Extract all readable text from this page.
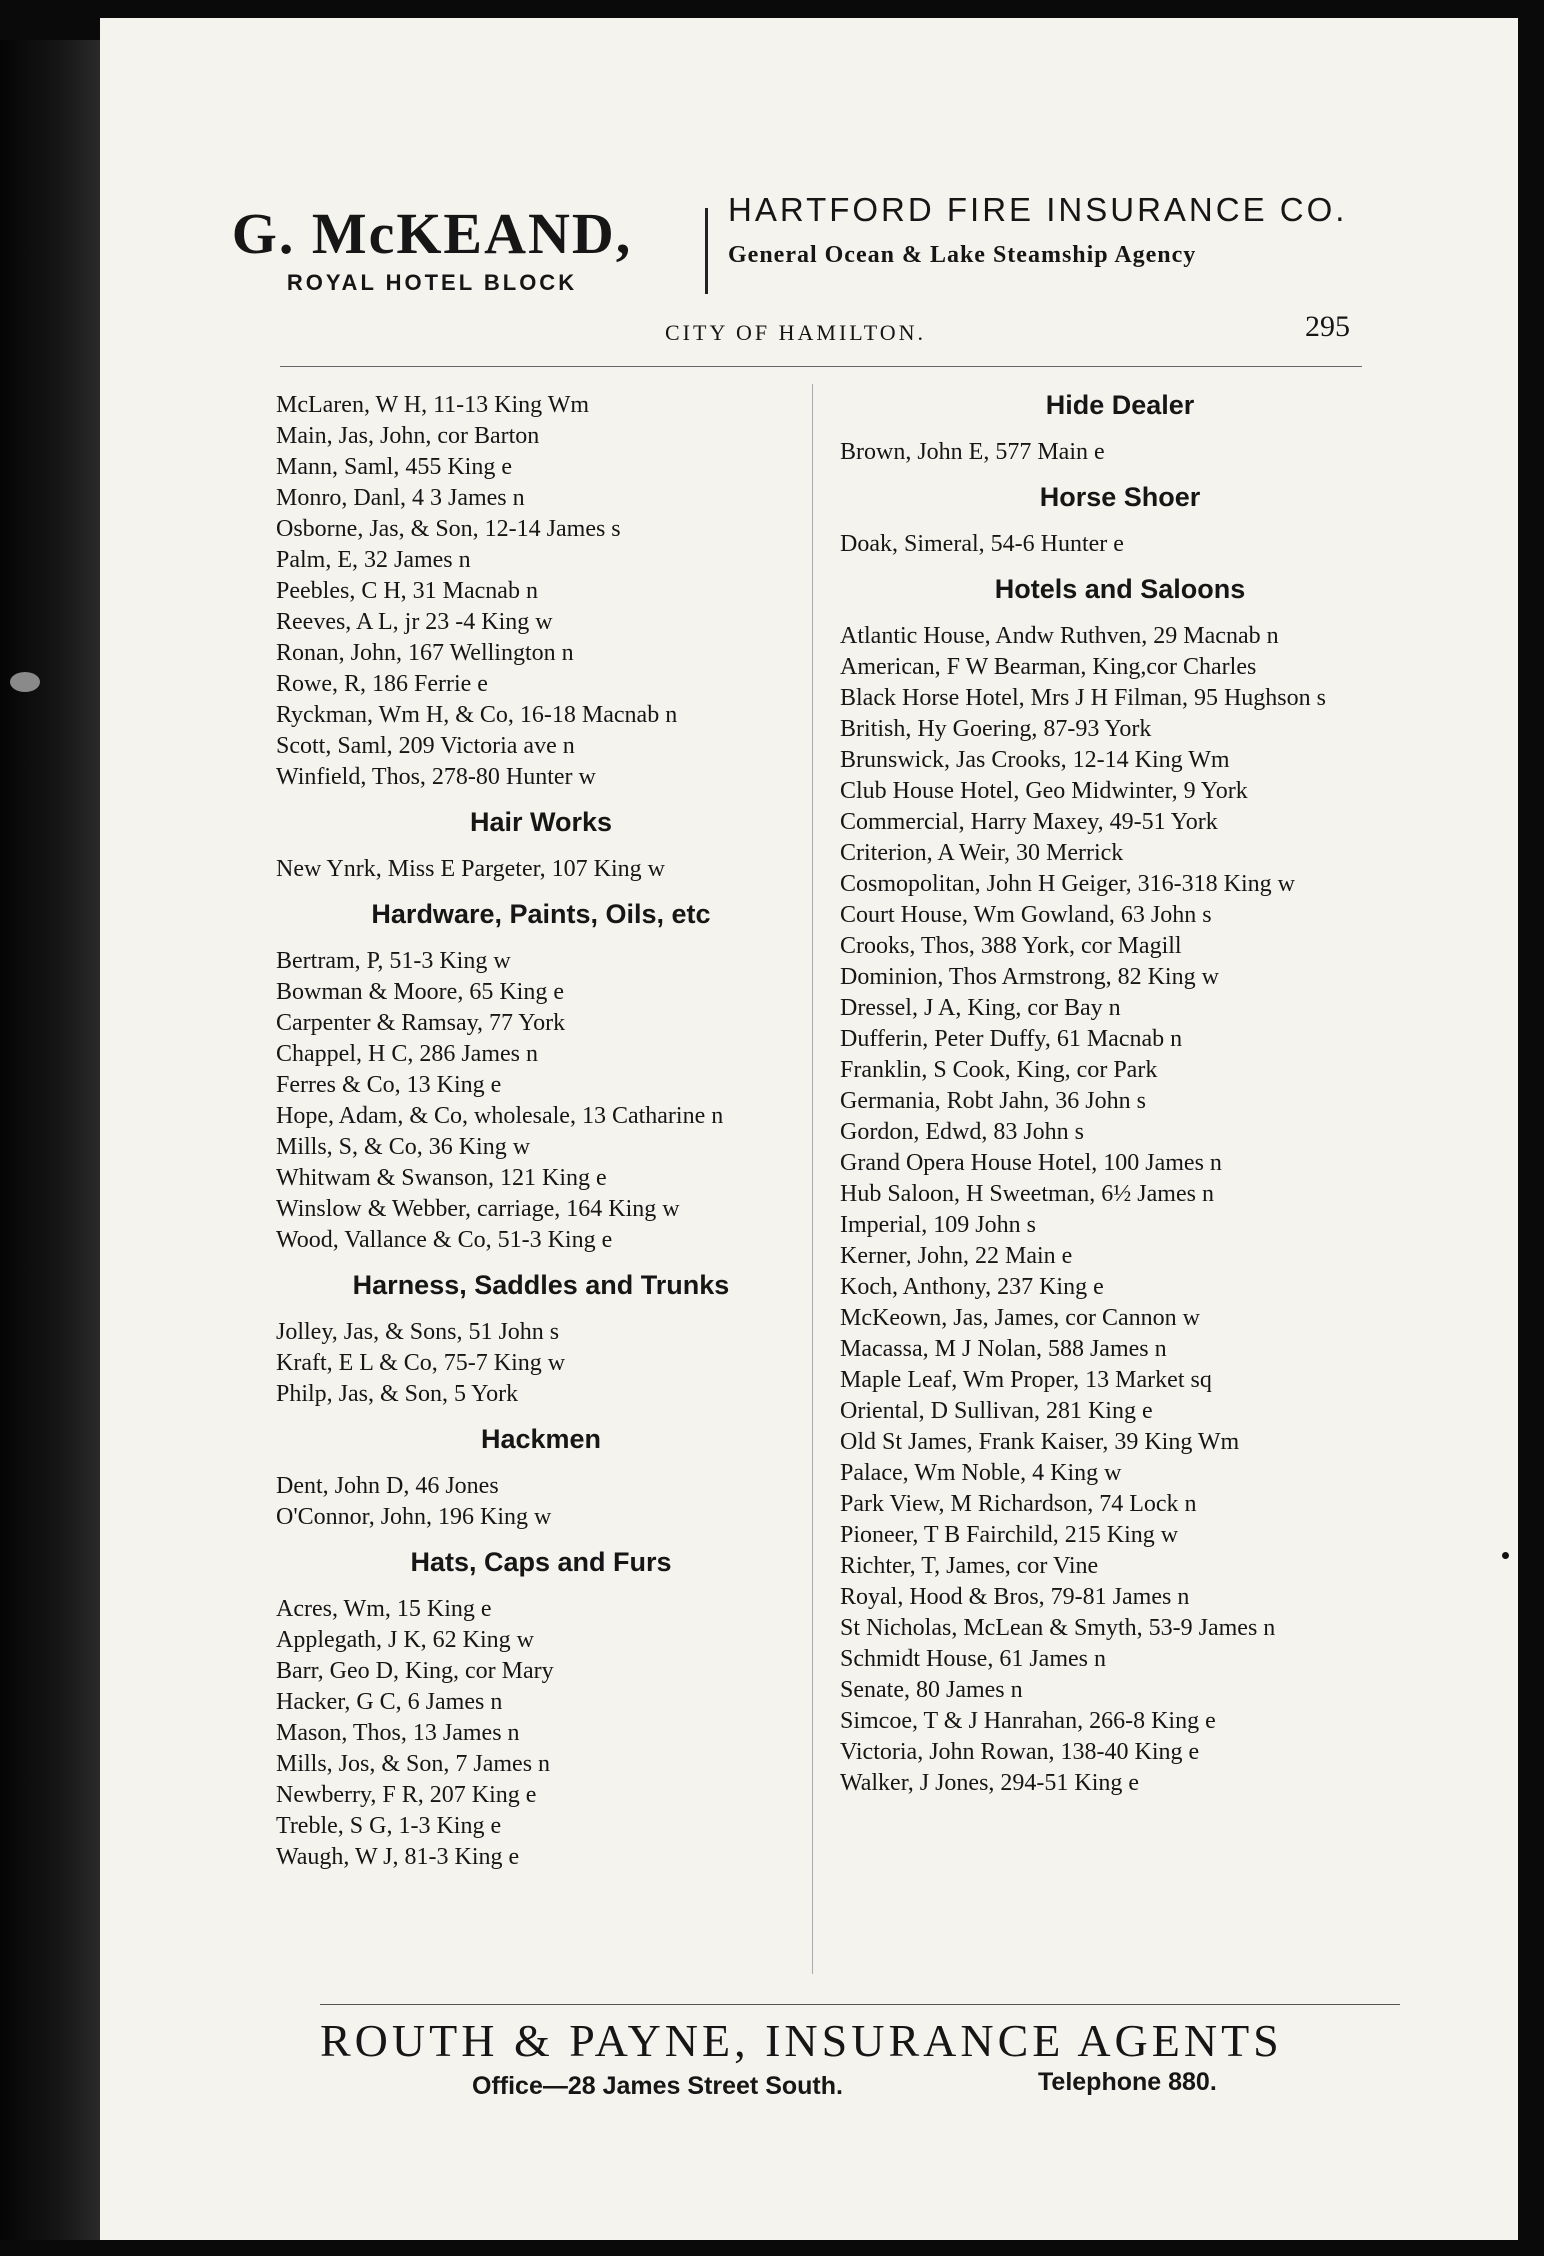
G. McKEAND,
ROYAL HOTEL BLOCK
HARTFORD FIRE INSURANCE CO.
General Ocean & Lake Steamship Agency
CITY OF HAMILTON.	295
McLaren, W H, 11-13 King Wm
Main, Jas, John, cor Barton
Mann, Saml, 455 King e
Monro, Danl, 4 3 James n
Osborne, Jas, & Son, 12-14 James s
Palm, E, 32 James n
Peebles, C H, 31 Macnab n
Reeves, A L, jr 23 -4 King w
Ronan, John, 167 Wellington n
Rowe, R, 186 Ferrie e
Ryckman, Wm H, & Co, 16-18 Macnab n
Scott, Saml, 209 Victoria ave n
Winfield, Thos, 278-80 Hunter w
Hair Works
New Ynrk, Miss E Pargeter, 107 King w
Hardware, Paints, Oils, etc
Bertram, P, 51-3 King w
Bowman & Moore, 65 King e
Carpenter & Ramsay, 77 York
Chappel, H C, 286 James n
Ferres & Co, 13 King e
Hope, Adam, & Co, wholesale, 13 Catharine n
Mills, S, & Co, 36 King w
Whitwam & Swanson, 121 King e
Winslow & Webber, carriage, 164 King w
Wood, Vallance & Co, 51-3 King e
Harness, Saddles and Trunks
Jolley, Jas, & Sons, 51 John s
Kraft, E L & Co, 75-7 King w
Philp, Jas, & Son, 5 York
Hackmen
Dent, John D, 46 Jones
O'Connor, John, 196 King w
Hats, Caps and Furs
Acres, Wm, 15 King e
Applegath, J K, 62 King w
Barr, Geo D, King, cor Mary
Hacker, G C, 6 James n
Mason, Thos, 13 James n
Mills, Jos, & Son, 7 James n
Newberry, F R, 207 King e
Treble, S G, 1-3 King e
Waugh, W J, 81-3 King e
Hide Dealer
Brown, John E, 577 Main e
Horse Shoer
Doak, Simeral, 54-6 Hunter e
Hotels and Saloons
Atlantic House, Andw Ruthven, 29 Macnab n
American, F W Bearman, King,cor Charles
Black Horse Hotel, Mrs J H Filman, 95 Hughson s
British, Hy Goering, 87-93 York
Brunswick, Jas Crooks, 12-14 King Wm
Club House Hotel, Geo Midwinter, 9 York
Commercial, Harry Maxey, 49-51 York
Criterion, A Weir, 30 Merrick
Cosmopolitan, John H Geiger, 316-318 King w
Court House, Wm Gowland, 63 John s
Crooks, Thos, 388 York, cor Magill
Dominion, Thos Armstrong, 82 King w
Dressel, J A, King, cor Bay n
Dufferin, Peter Duffy, 61 Macnab n
Franklin, S Cook, King, cor Park
Germania, Robt Jahn, 36 John s
Gordon, Edwd, 83 John s
Grand Opera House Hotel, 100 James n
Hub Saloon, H Sweetman, 6½ James n
Imperial, 109 John s
Kerner, John, 22 Main e
Koch, Anthony, 237 King e
McKeown, Jas, James, cor Cannon w
Macassa, M J Nolan, 588 James n
Maple Leaf, Wm Proper, 13 Market sq
Oriental, D Sullivan, 281 King e
Old St James, Frank Kaiser, 39 King Wm
Palace, Wm Noble, 4 King w
Park View, M Richardson, 74 Lock n
Pioneer, T B Fairchild, 215 King w
Richter, T, James, cor Vine
Royal, Hood & Bros, 79-81 James n
St Nicholas, McLean & Smyth, 53-9 James n
Schmidt House, 61 James n
Senate, 80 James n
Simcoe, T & J Hanrahan, 266-8 King e
Victoria, John Rowan, 138-40 King e
Walker, J Jones, 294-51 King e
ROUTH & PAYNE, INSURANCE AGENTS
Office—28 James Street South.	Telephone 880.
